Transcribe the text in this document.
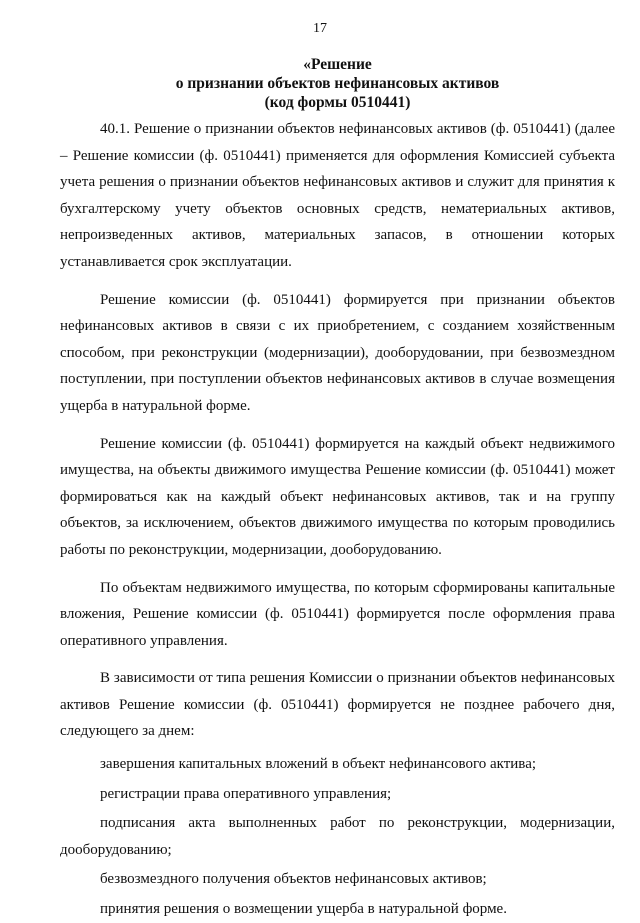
17
«Решение
о признании объектов нефинансовых активов
(код формы 0510441)

40.1. Решение о признании объектов нефинансовых активов (ф. 0510441) (далее – Решение комиссии (ф. 0510441) применяется для оформления Комиссией субъекта учета решения о признании объектов нефинансовых активов и служит для принятия к бухгалтерскому учету объектов основных средств, нематериальных активов, непроизведенных активов, материальных запасов, в отношении которых устанавливается срок эксплуатации.

Решение комиссии (ф. 0510441) формируется при признании объектов нефинансовых активов в связи с их приобретением, с созданием хозяйственным способом, при реконструкции (модернизации), дооборудовании, при безвозмездном поступлении, при поступлении объектов нефинансовых активов в случае возмещения ущерба в натуральной форме.

Решение комиссии (ф. 0510441) формируется на каждый объект недвижимого имущества, на объекты движимого имущества Решение комиссии (ф. 0510441) может формироваться как на каждый объект нефинансовых активов, так и на группу объектов, за исключением, объектов движимого имущества по которым проводились работы по реконструкции, модернизации, дооборудованию.

По объектам недвижимого имущества, по которым сформированы капитальные вложения, Решение комиссии (ф. 0510441) формируется после оформления права оперативного управления.

В зависимости от типа решения Комиссии о признании объектов нефинансовых активов Решение комиссии (ф. 0510441) формируется не позднее рабочего дня, следующего за днем:

завершения капитальных вложений в объект нефинансового актива;

регистрации права оперативного управления;

подписания акта выполненных работ по реконструкции, модернизации, дооборудованию;

безвозмездного получения объектов нефинансовых активов;

принятия решения о возмещении ущерба в натуральной форме.
